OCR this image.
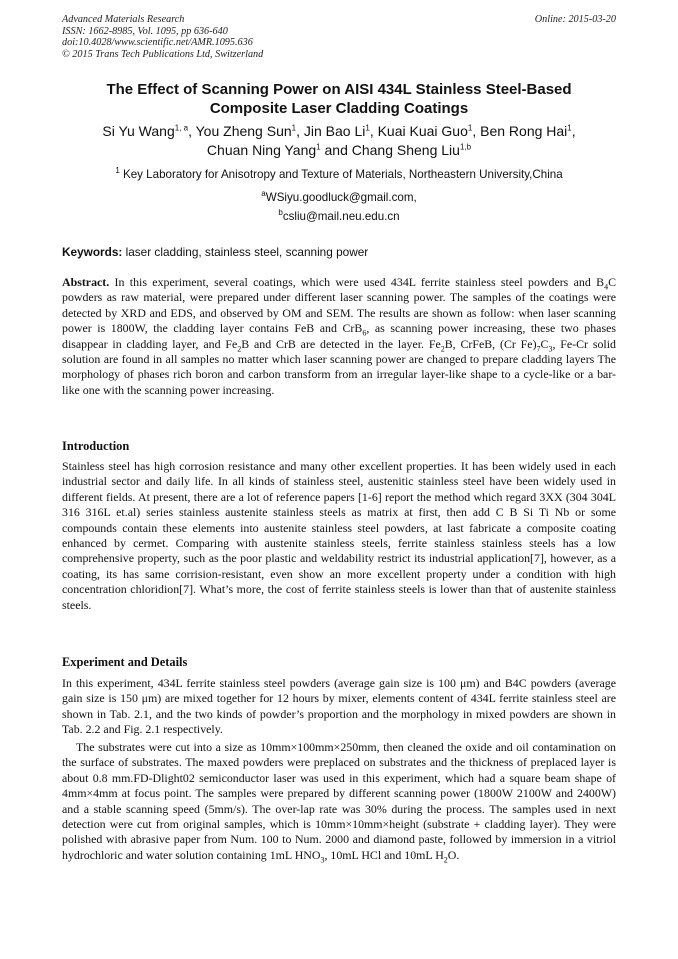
Advanced Materials Research
ISSN: 1662-8985, Vol. 1095, pp 636-640
doi:10.4028/www.scientific.net/AMR.1095.636
© 2015 Trans Tech Publications Ltd, Switzerland
Online: 2015-03-20
The Effect of Scanning Power on AISI 434L Stainless Steel-Based
Composite Laser Cladding Coatings
Si Yu Wang$^{1, a}$, You Zheng Sun$^1$, Jin Bao Li$^1$, Kuai Kuai Guo$^1$, Ben Rong Hai$^1$,
Chuan Ning Yang$^1$ and Chang Sheng Liu$^{1,b}$
$^1$ Key Laboratory for Anisotropy and Texture of Materials, Northeastern University,China
$^a$WSiyu.goodluck@gmail.com,
$^b$csliu@mail.neu.edu.cn
Keywords: laser cladding, stainless steel, scanning power
Abstract. In this experiment, several coatings, which were used 434L ferrite stainless steel powders and $B_4C$ powders as raw material, were prepared under different laser scanning power. The samples of the coatings were detected by XRD and EDS, and observed by OM and SEM. The results are shown as follow: when laser scanning power is 1800W, the cladding layer contains FeB and CrB$_6$, as scanning power increasing, these two phases disappear in cladding layer, and $Fe_2B$ and CrB are detected in the layer. $Fe_2B$, CrFeB, (Cr $Fe)_7C_3$, Fe-Cr solid solution are found in all samples no matter which laser scanning power are changed to prepare cladding layers The morphology of phases rich boron and carbon transform from an irregular layer-like shape to a cycle-like or a bar-like one with the scanning power increasing.
Introduction
Stainless steel has high corrosion resistance and many other excellent properties. It has been widely used in each industrial sector and daily life. In all kinds of stainless steel, austenitic stainless steel have been widely used in different fields. At present, there are a lot of reference papers [1-6] report the method which regard 3XX (304 304L 316 316L et.al) series stainless austenite stainless steels as matrix at first, then add C B Si Ti Nb or some compounds contain these elements into austenite stainless steel powders, at last fabricate a composite coating enhanced by cermet. Comparing with austenite stainless steels, ferrite stainless stainless steels has a low comprehensive property, such as the poor plastic and weldability restrict its industrial application[7], however, as a coating, its has same corrision-resistant, even show an more excellent property under a condition with high concentration chloridion[7]. What’s more, the cost of ferrite stainless steels is lower than that of austenite stainless steels.
Experiment and Details
In this experiment, 434L ferrite stainless steel powders (average gain size is 100 μm) and B4C powders (average gain size is 150 μm) are mixed together for 12 hours by mixer, elements content of 434L ferrite stainless steel are shown in Tab. 2.1, and the two kinds of powder’s proportion and the morphology in mixed powders are shown in Tab. 2.2 and Fig. 2.1 respectively.
The substrates were cut into a size as 10mm×100mm×250mm, then cleaned the oxide and oil contamination on the surface of substrates. The maxed powders were preplaced on substrates and the thickness of preplaced layer is about 0.8 mm.FD-Dlight02 semiconductor laser was used in this experiment, which had a square beam shape of 4mm×4mm at focus point. The samples were prepared by different scanning power (1800W 2100W and 2400W) and a stable scanning speed (5mm/s). The over-lap rate was 30% during the process. The samples used in next detection were cut from original samples, which is 10mm×10mm×height (substrate + cladding layer). They were polished with abrasive paper from Num. 100 to Num. 2000 and diamond paste, followed by immersion in a vitriol hydrochloric and water solution containing 1mL $HNO_3$, 10mL HCl and 10mL $H_2O$.
